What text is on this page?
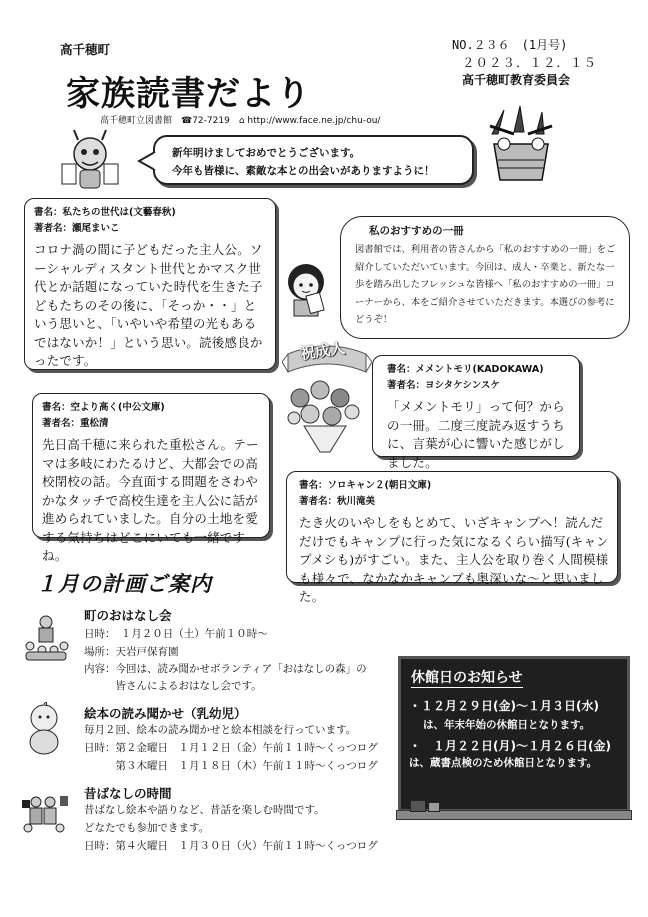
高千穂町
家族読書だより
高千穂町立図書館　☎72-7219　⌂ http://www.face.ne.jp/chu-ou/
NO.２３６　(1月号)
２０２３．１２．１５
高千穂町教育委員会
新年明けましておめでとうございます。
今年も皆様に、素敵な本との出会いがありますように！
書名：私たちの世代は(文藝春秋)
著者名：瀬尾まいこ
コロナ渦の間に子どもだった主人公。ソーシャルディスタント世代とかマスク世代とか話題になっていた時代を生きた子どもたちのその後に、「そっか・・」という思いと、「いやいや希望の光もあるではないか！」という思い。読後感良かったです。
私のおすすめの一冊
図書館では、利用者の皆さんから「私のおすすめの一冊」をご紹介していただいています。今回は、成人・卒業と、新たな一歩を踏み出したフレッシュな皆様へ「私のおすすめの一冊」コーナーから、本をご紹介させていただきます。本選びの参考にどうぞ！
祝成人
書名：メメントモリ(KADOKAWA)
著者名：ヨシタケシンスケ
「メメントモリ」って何？からの一冊。二度三度読み返すうちに、言葉が心に響いた感じがしました。
書名：空より高く(中公文庫)
著者名：重松清
先日高千穂に来られた重松さん。テーマは多岐にわたるけど、大都会での高校閉校の話。今直面する問題をさわやかなタッチで高校生達を主人公に話が進められていました。自分の土地を愛する気持ちはどこにいても一緒ですね。
書名：ソロキャン２(朝日文庫)
著者名：秋川滝美
たき火のいやしをもとめて、いざキャンプへ！読んだだけでもキャンプに行った気になるくらい描写(キャンプメシも)がすごい。また、主人公を取り巻く人間模様も様々で、なかなかキャンプも奥深いな～と思いました。
１月の計画ご案内
町のおはなし会
日時：　１月２０日（土）午前１０時～
場所：天岩戸保育園
内容：今回は、読み聞かせボランティア「おはなしの森」の
　　　皆さんによるおはなし会です。
絵本の読み聞かせ（乳幼児）
毎月２回、絵本の読み聞かせと絵本相談を行っています。
日時：第２金曜日　１月１２日（金）午前１１時～くっつログ
　　　第３木曜日　１月１８日（木）午前１１時～くっつログ
昔ばなしの時間
昔ばなし絵本や語りなど、昔話を楽しむ時間です。
どなたでも参加できます。
日時：第４火曜日　１月３０日（火）午前１１時～くっつログ
休館日のお知らせ
・１２月２９日(金)～１月３日(水)
は、年末年始の休館日となります。
・　１月２２日(月)～１月２６日(金)
は、蔵書点検のため休館日となります。
